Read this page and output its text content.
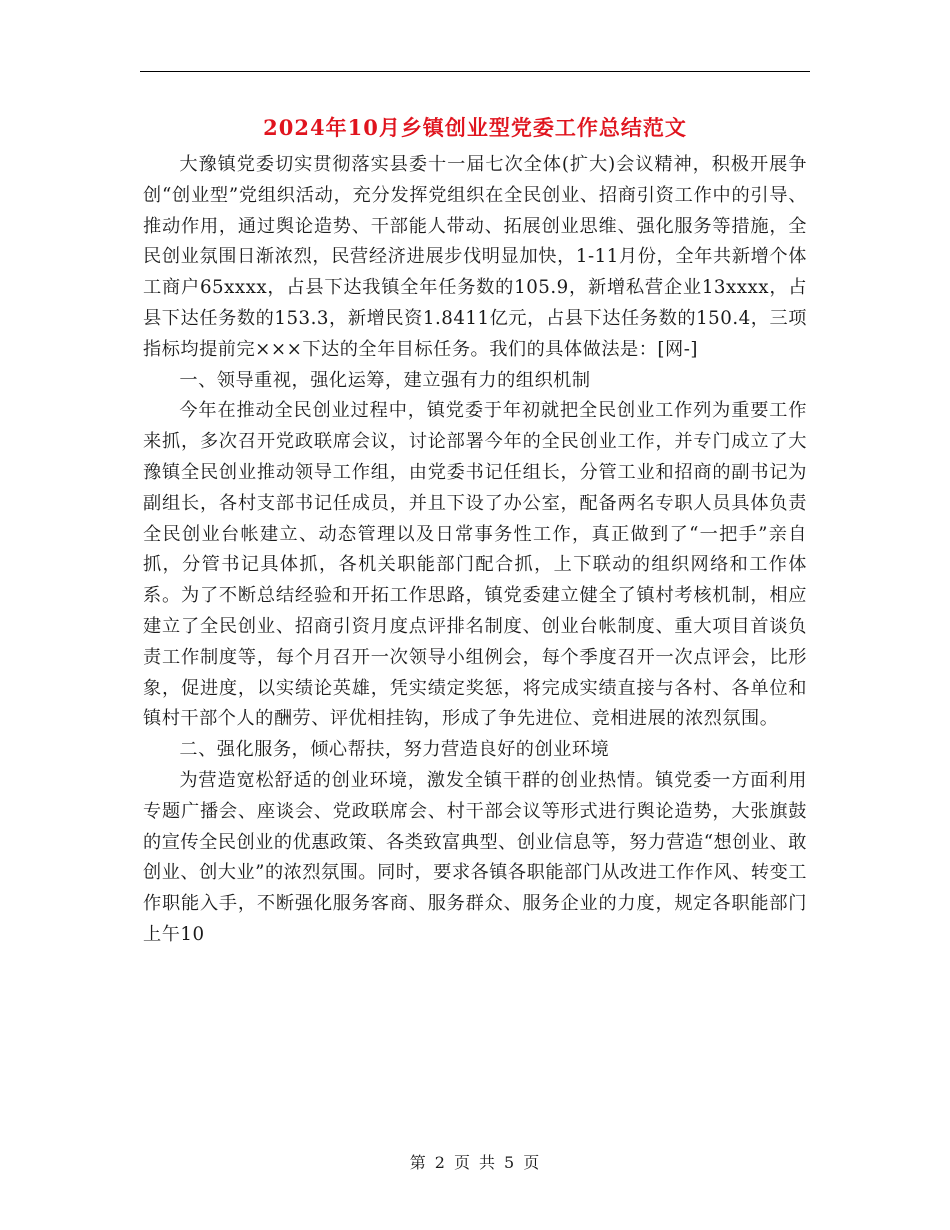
2024年10月乡镇创业型党委工作总结范文

大豫镇党委切实贯彻落实县委十一届七次全体(扩大)会议精神，积极开展争创“创业型”党组织活动，充分发挥党组织在全民创业、招商引资工作中的引导、推动作用，通过舆论造势、干部能人带动、拓展创业思维、强化服务等措施，全民创业氛围日渐浓烈，民营经济进展步伐明显加快，1-11月份，全年共新增个体工商户65xxxx，占县下达我镇全年任务数的105.9，新增私营企业13xxxx，占县下达任务数的153.3，新增民资1.8411亿元，占县下达任务数的150.4，三项指标均提前完×××下达的全年目标任务。我们的具体做法是：[网-]

一、领导重视，强化运筹，建立强有力的组织机制

今年在推动全民创业过程中，镇党委于年初就把全民创业工作列为重要工作来抓，多次召开党政联席会议，讨论部署今年的全民创业工作，并专门成立了大豫镇全民创业推动领导工作组，由党委书记任组长，分管工业和招商的副书记为副组长，各村支部书记任成员，并且下设了办公室，配备两名专职人员具体负责全民创业台帐建立、动态管理以及日常事务性工作，真正做到了“一把手”亲自抓，分管书记具体抓，各机关职能部门配合抓，上下联动的组织网络和工作体系。为了不断总结经验和开拓工作思路，镇党委建立健全了镇村考核机制，相应建立了全民创业、招商引资月度点评排名制度、创业台帐制度、重大项目首谈负责工作制度等，每个月召开一次领导小组例会，每个季度召开一次点评会，比形象，促进度，以实绩论英雄，凭实绩定奖惩，将完成实绩直接与各村、各单位和镇村干部个人的酬劳、评优相挂钩，形成了争先进位、竞相进展的浓烈氛围。

二、强化服务，倾心帮扶，努力营造良好的创业环境

为营造宽松舒适的创业环境，激发全镇干群的创业热情。镇党委一方面利用专题广播会、座谈会、党政联席会、村干部会议等形式进行舆论造势，大张旗鼓的宣传全民创业的优惠政策、各类致富典型、创业信息等，努力营造“想创业、敢创业、创大业”的浓烈氛围。同时，要求各镇各职能部门从改进工作作风、转变工作职能入手，不断强化服务客商、服务群众、服务企业的力度，规定各职能部门上午10

第 2 页 共 5 页
